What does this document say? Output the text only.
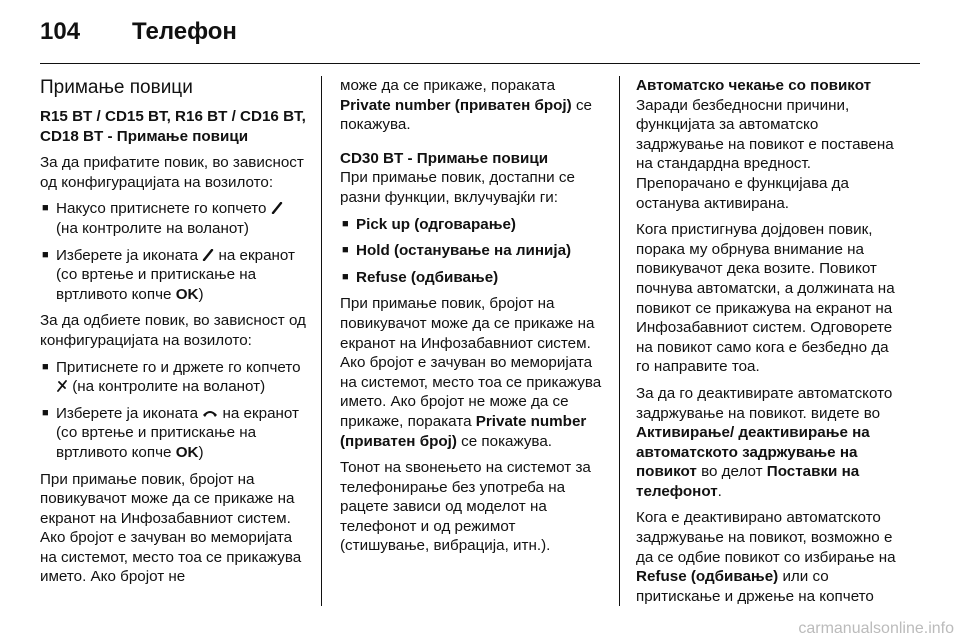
104 Телефон
Примање повици

R15 BT / CD15 BT, R16 BT / CD16 BT, CD18 BT - Примање повици

За да прифатите повик, во зависност од конфигурацијата на возилото:

■ Накусо притиснете го копчето  (на контролите на воланот)
■ Изберете ја иконата  на екранот (со вртење и притискање на вртливото копче OK)

За да одбиете повик, во зависност од конфигурацијата на возилото:

■ Притиснете го и држете го копчето  (на контролите на воланот)
■ Изберете ја иконата  на екранот (со вртење и притискање на вртливото копче OK)

При примање повик, бројот на повикувачот може да се прикаже на екранот на Инфозабавниот систем. Ако бројот е зачуван во меморијата на системот, место тоа се прикажува името. Ако бројот не

може да се прикаже, поракатa Private number (приватен број) се покажува.

CD30 BT - Примање повици

При примање повик, достапни се разни функции, вклучувајќи ги:

■ Pick up (одговарање)
■ Hold (останување на линија)
■ Refuse (одбивање)

При примање повик, бројот на повикувачот може да се прикаже на екранот на Инфозабавниот систем. Ако бројот е зачуван во меморијата на системот, место тоа се прикажува името. Ако бројот не може да се прикаже, пораката Private number (приватен број) се покажува.

Тонот на ѕвонењето на системот за телефонирање без употреба на рацете зависи од моделот на телефонот и од режимот (стишување, вибрација, итн.).

Автоматско чекање со повикот

Заради безбедносни причини, функцијата за автоматско задржување на повикот е поставена на стандардна вредност. Препорачано е функцијава да останува активирана.

Кога пристигнува дојдовен повик, порака му обрнува внимание на повикувачот дека возите. Повикот почнува автоматски, а должината на повикот се прикажува на екранот на Инфозабавниот систем. Одговорете на повикот само кога е безбедно да го направите тоа.

За да го деактивирате автоматското задржување на повикот. видете во Активирање/ деактивирање на автоматското задржување на повикот во делот Поставки на телефонот.

Кога е деактивирано автоматското задржување на повикот, возможно е да се одбие повикот со избирање на Refuse (одбивање) или со притискање и држење на копчето

carmanualsonline.info
